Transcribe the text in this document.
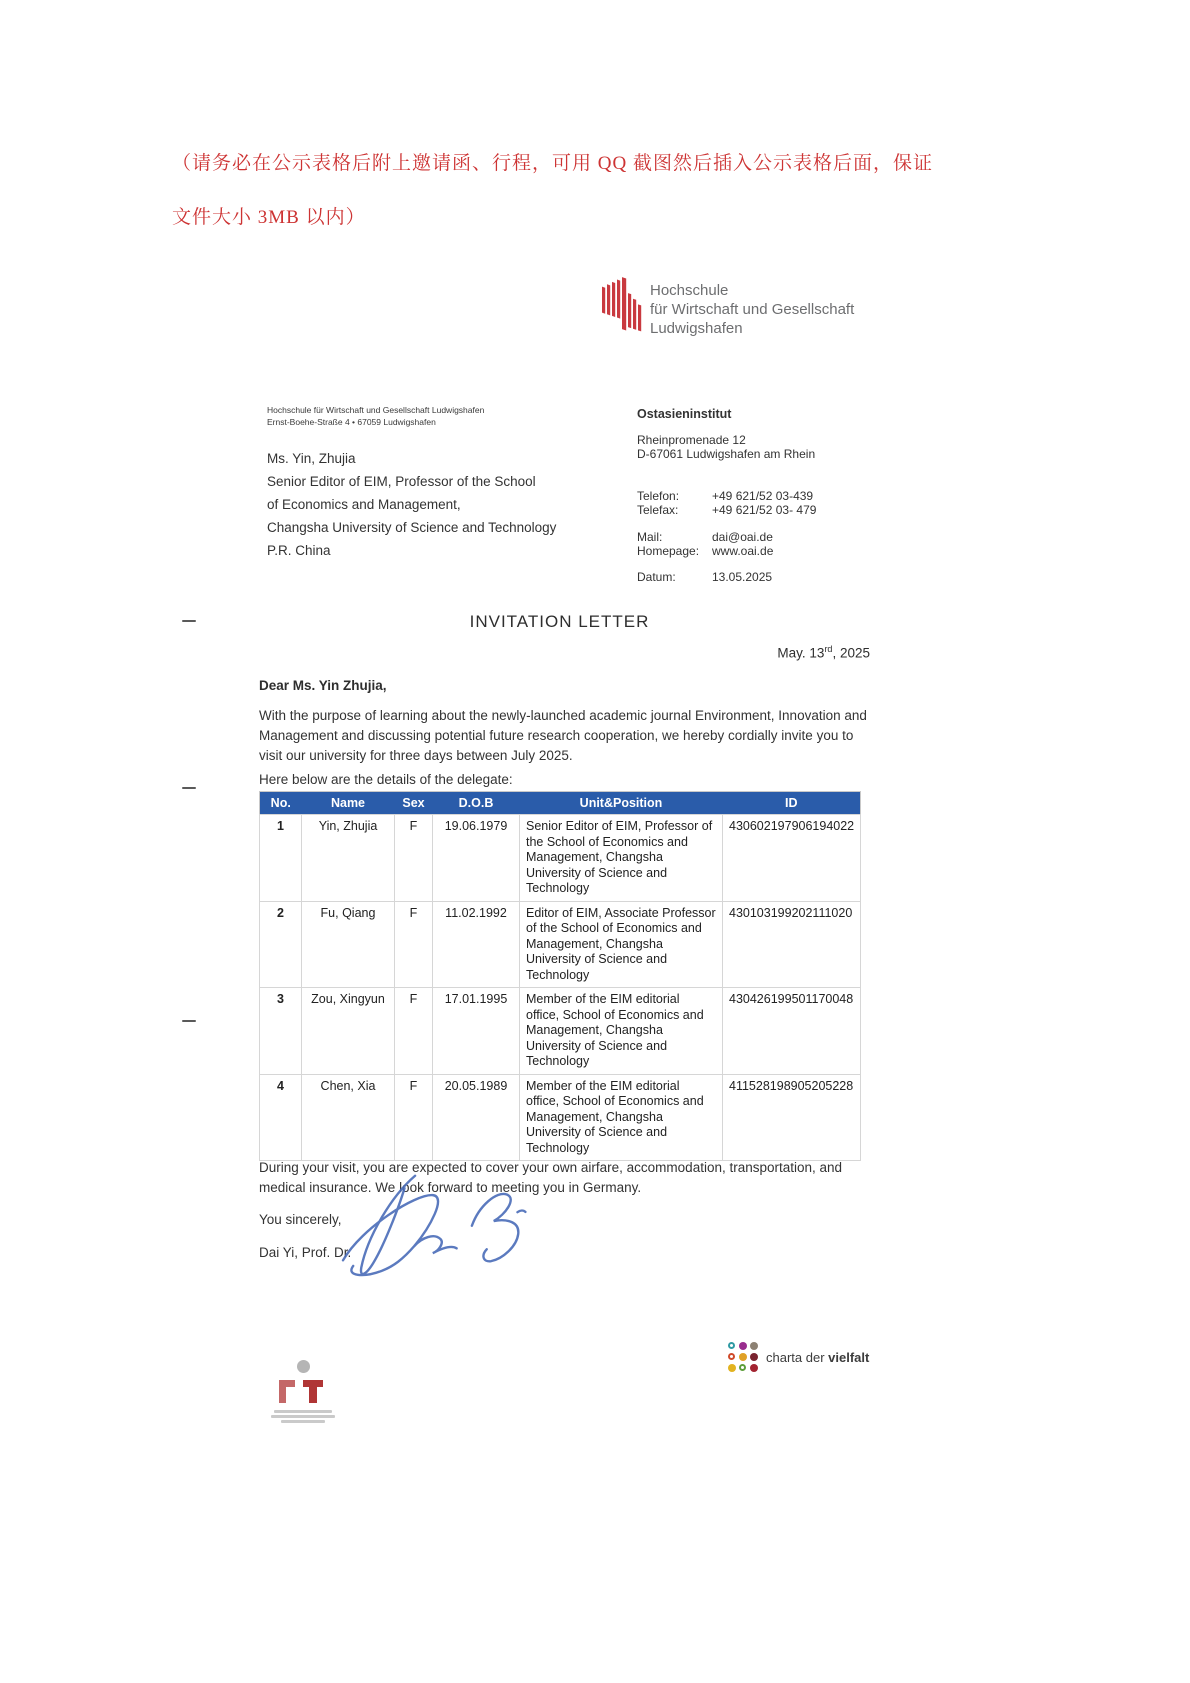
（请务必在公示表格后附上邀请函、行程，可用 QQ 截图然后插入公示表格后面，保证
文件大小 3MB 以内）
Hochschule
für Wirtschaft und Gesellschaft
Ludwigshafen
Hochschule für Wirtschaft und Gesellschaft Ludwigshafen
Ernst-Boehe-Straße 4 • 67059 Ludwigshafen
Ms. Yin, Zhujia
Senior Editor of EIM, Professor of the School
of Economics and Management,
Changsha University of Science and Technology
P.R. China
Ostasieninstitut
Rheinpromenade 12
D-67061 Ludwigshafen am Rhein
Telefon:	+49 621/52 03-439
Telefax:	+49 621/52 03- 479
Mail:	dai@oai.de
Homepage: www.oai.de
Datum:	13.05.2025
INVITATION LETTER
May. 13rd, 2025
Dear Ms. Yin Zhujia,
With the purpose of learning about the newly-launched academic journal Environment, Innovation and Management and discussing potential future research cooperation, we hereby cordially invite you to visit our university for three days between July 2025.
Here below are the details of the delegate:
No.	Name	Sex	D.O.B	Unit&Position	ID
1	Yin, Zhujia	F	19.06.1979	Senior Editor of EIM, Professor of the School of Economics and Management, Changsha University of Science and Technology	430602197906194022
2	Fu, Qiang	F	11.02.1992	Editor of EIM, Associate Professor of the School of Economics and Management, Changsha University of Science and Technology	430103199202111020
3	Zou, Xingyun	F	17.01.1995	Member of the EIM editorial office, School of Economics and Management, Changsha University of Science and Technology	430426199501170048
4	Chen, Xia	F	20.05.1989	Member of the EIM editorial office, School of Economics and Management, Changsha University of Science and Technology	411528198905205228
During your visit, you are expected to cover your own airfare, accommodation, transportation, and medical insurance. We look forward to meeting you in Germany.
You sincerely,
Dai Yi, Prof. Dr.
charta der vielfalt
